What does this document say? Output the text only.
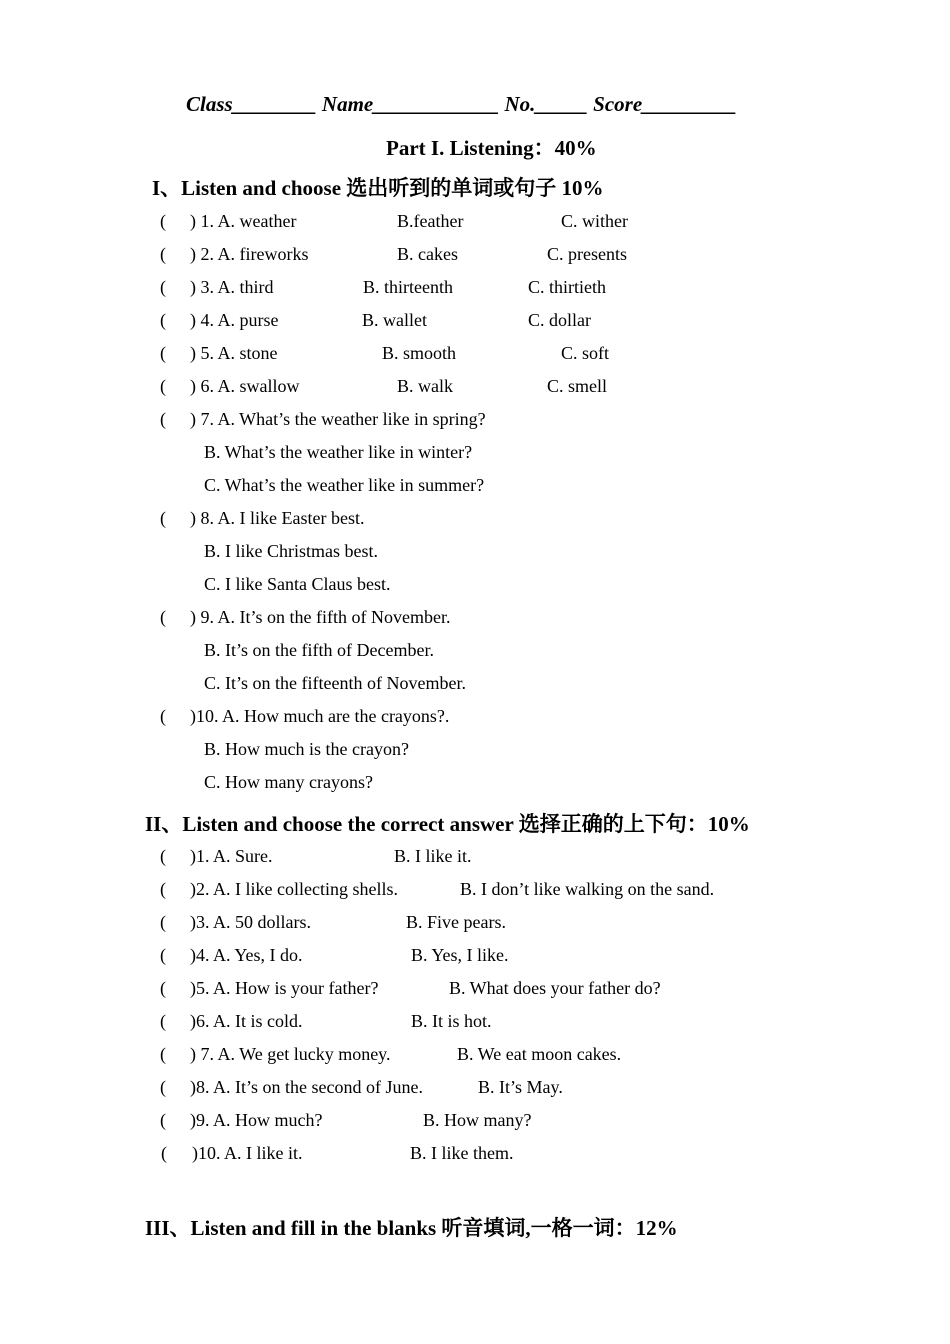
Class________ Name____________ No._____ Score_________
Part I. Listening：40%
I、Listen and choose 选出听到的单词或句子 10%
( ) 1. A. weather	B.feather	C. wither
( ) 2. A. fireworks	B. cakes	C. presents
( ) 3. A. third	B. thirteenth	C. thirtieth
( ) 4. A. purse	B. wallet	C. dollar
( ) 5. A. stone	B. smooth	C. soft
( ) 6. A. swallow	B. walk	C. smell
( ) 7. A. What’s the weather like in spring?
B. What’s the weather like in winter?
C. What’s the weather like in summer?
( ) 8. A. I like Easter best.
B. I like Christmas best.
C. I like Santa Claus best.
( ) 9. A. It’s on the fifth of November.
B. It’s on the fifth of December.
C. It’s on the fifteenth of November.
( )10. A. How much are the crayons?.
B. How much is the crayon?
C. How many crayons?
II、Listen and choose the correct answer 选择正确的上下句：10%
( )1. A. Sure.	B. I like it.
( )2. A. I like collecting shells.	B. I don’t like walking on the sand.
( )3. A. 50 dollars.	B. Five pears.
( )4. A. Yes, I do.	B. Yes, I like.
( )5. A. How is your father?	B. What does your father do?
( )6. A. It is cold.	B. It is hot.
( ) 7. A. We get lucky money.	B. We eat moon cakes.
( )8. A. It’s on the second of June.	B. It’s May.
( )9. A. How much?	B. How many?
( )10. A. I like it.	B. I like them.
III、Listen and fill in the blanks 听音填词,一格一词：12%
